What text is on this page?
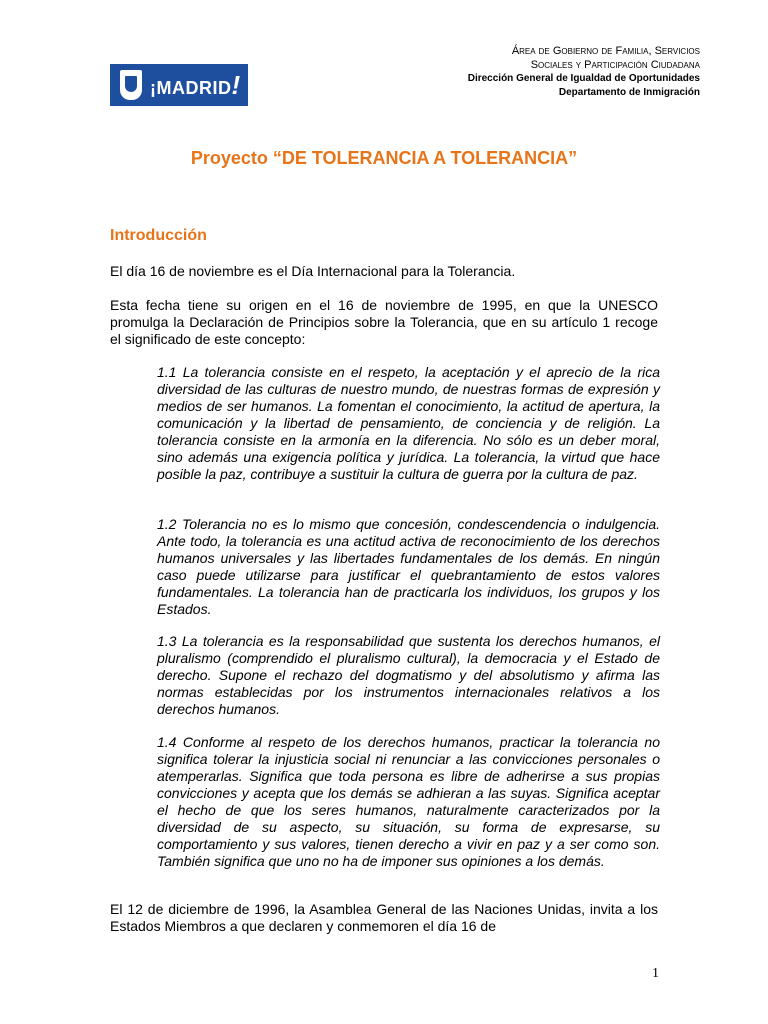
¡MADRID!
Área de Gobierno de Familia, Servicios
Sociales y Participación Ciudadana
Dirección General de Igualdad de Oportunidades
Departamento de Inmigración
Proyecto “DE TOLERANCIA A TOLERANCIA”
Introducción

El día 16 de noviembre es el Día Internacional para la Tolerancia.

Esta fecha tiene su origen en el 16 de noviembre de 1995, en que la UNESCO promulga la Declaración de Principios sobre la Tolerancia, que en su artículo 1 recoge el significado de este concepto:

1.1 La tolerancia consiste en el respeto, la aceptación y el aprecio de la rica diversidad de las culturas de nuestro mundo, de nuestras formas de expresión y medios de ser humanos. La fomentan el conocimiento, la actitud de apertura, la comunicación y la libertad de pensamiento, de conciencia y de religión. La tolerancia consiste en la armonía en la diferencia. No sólo es un deber moral, sino además una exigencia política y jurídica. La tolerancia, la virtud que hace posible la paz, contribuye a sustituir la cultura de guerra por la cultura de paz.

1.2 Tolerancia no es lo mismo que concesión, condescendencia o indulgencia. Ante todo, la tolerancia es una actitud activa de reconocimiento de los derechos humanos universales y las libertades fundamentales de los demás. En ningún caso puede utilizarse para justificar el quebrantamiento de estos valores fundamentales. La tolerancia han de practicarla los individuos, los grupos y los Estados.

1.3 La tolerancia es la responsabilidad que sustenta los derechos humanos, el pluralismo (comprendido el pluralismo cultural), la democracia y el Estado de derecho. Supone el rechazo del dogmatismo y del absolutismo y afirma las normas establecidas por los instrumentos internacionales relativos a los derechos humanos.

1.4 Conforme al respeto de los derechos humanos, practicar la tolerancia no significa tolerar la injusticia social ni renunciar a las convicciones personales o atemperarlas. Significa que toda persona es libre de adherirse a sus propias convicciones y acepta que los demás se adhieran a las suyas. Significa aceptar el hecho de que los seres humanos, naturalmente caracterizados por la diversidad de su aspecto, su situación, su forma de expresarse, su comportamiento y sus valores, tienen derecho a vivir en paz y a ser como son. También significa que uno no ha de imponer sus opiniones a los demás.

El 12 de diciembre de 1996, la Asamblea General de las Naciones Unidas, invita a los Estados Miembros a que declaren y conmemoren el día 16 de

1
